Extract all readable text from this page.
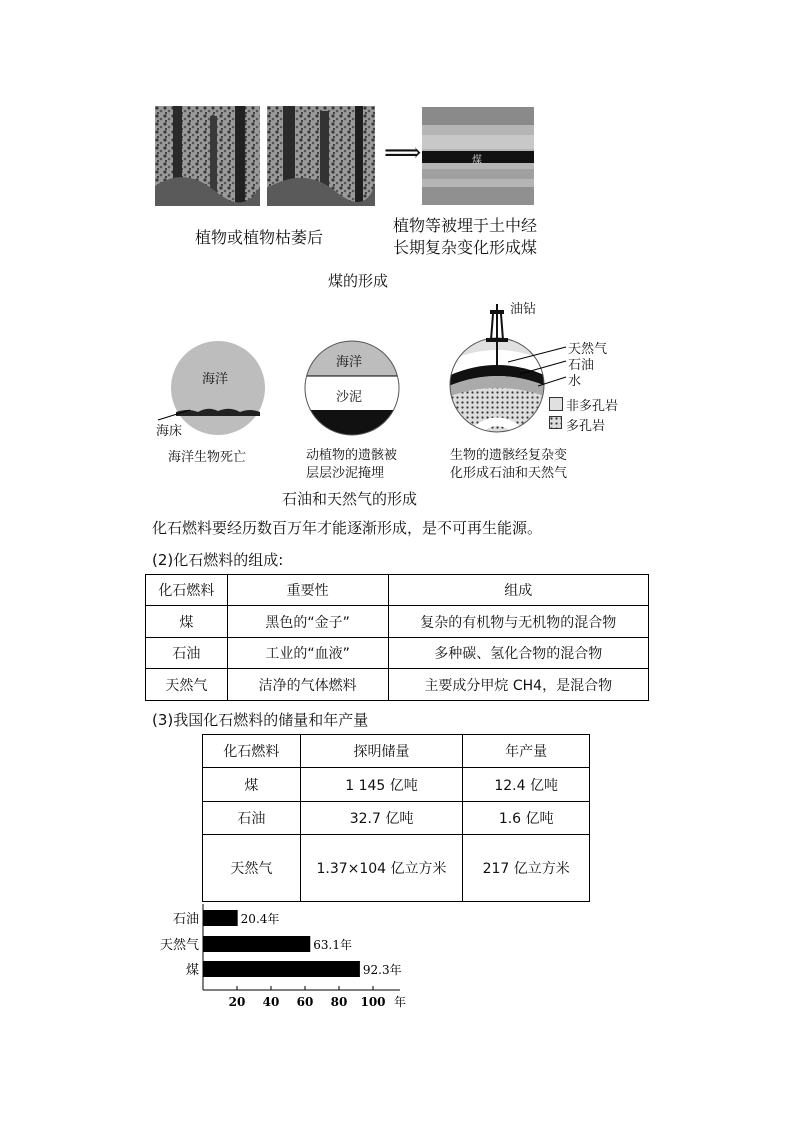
⟹	煤
植物或植物枯萎后
植物等被埋于土中经
长期复杂变化形成煤
煤的形成
海洋
海床
海洋生物死亡
海洋
沙泥
动植物的遗骸被
层层沙泥掩埋
油钻
天然气
石油
水
非多孔岩
多孔岩
生物的遗骸经复杂变
化形成石油和天然气
石油和天然气的形成
化石燃料要经历数百万年才能逐渐形成，是不可再生能源。
(2)化石燃料的组成:
化石燃料	重要性	组成
煤	黑色的“金子”	复杂的有机物与无机物的混合物
石油	工业的“血液”	多种碳、氢化合物的混合物
天然气	洁净的气体燃料	主要成分甲烷 CH4，是混合物
(3)我国化石燃料的储量和年产量
化石燃料	探明储量	年产量
煤	1 145 亿吨	12.4 亿吨
石油	32.7 亿吨	1.6 亿吨
天然气	1.37×104 亿立方米	217 亿立方米
石油	20.4年
天然气	63.1年
煤	92.3年
20 40 60 80 100 年
